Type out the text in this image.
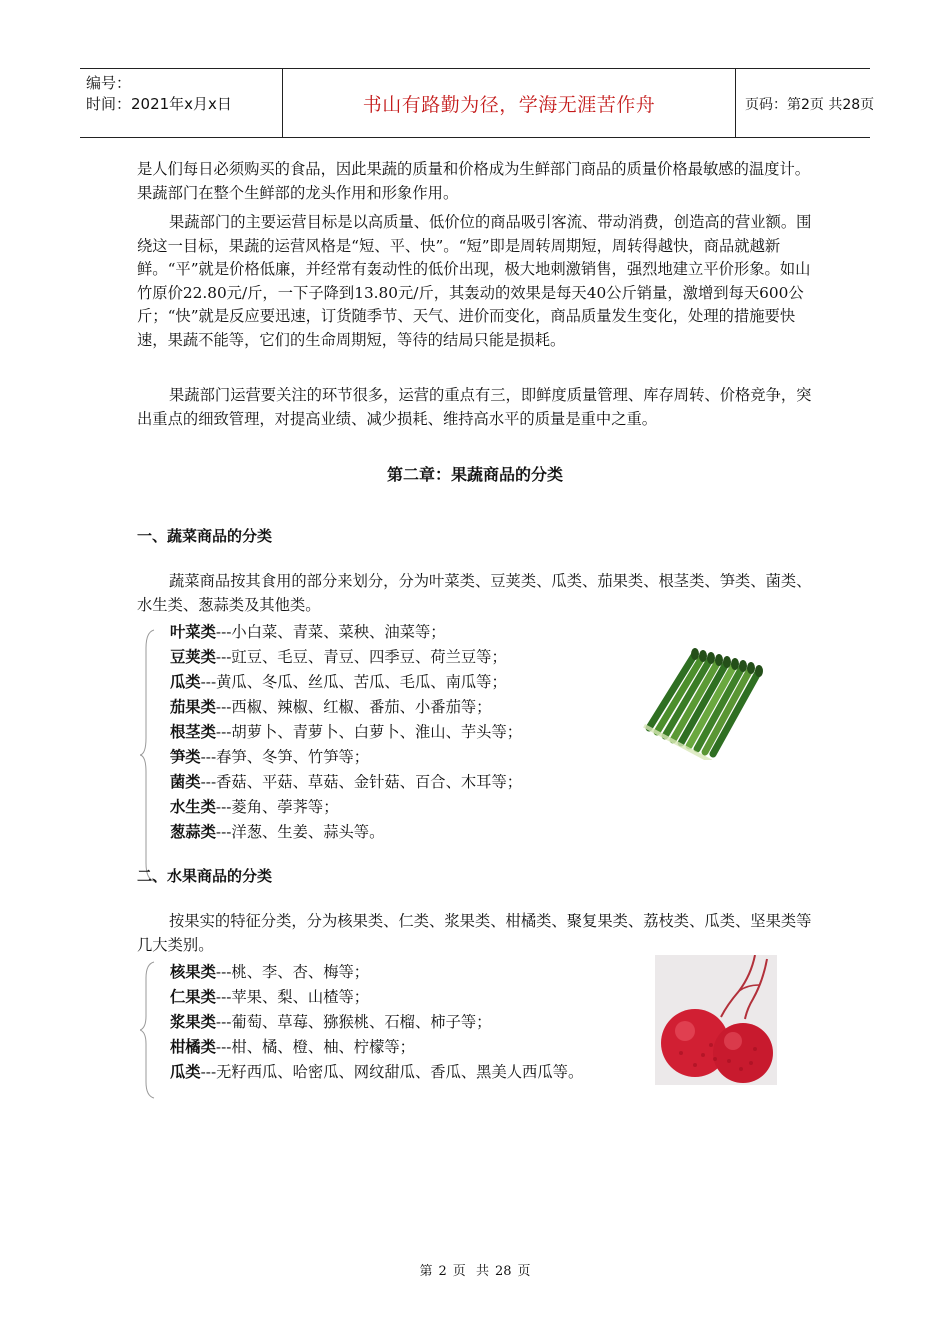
编号：
时间：2021年x月x日	书山有路勤为径，学海无涯苦作舟	页码：第2页 共28页

是人们每日必须购买的食品，因此果蔬的质量和价格成为生鲜部门商品的质量价格最敏感的温度计。果蔬部门在整个生鲜部的龙头作用和形象作用。

果蔬部门的主要运营目标是以高质量、低价位的商品吸引客流、带动消费，创造高的营业额。围绕这一目标，果蔬的运营风格是“短、平、快”。“短”即是周转周期短，周转得越快，商品就越新鲜。“平”就是价格低廉，并经常有轰动性的低价出现，极大地刺激销售，强烈地建立平价形象。如山竹原价22.80元/斤，一下子降到13.80元/斤，其轰动的效果是每天40公斤销量，激增到每天600公斤；“快”就是反应要迅速，订货随季节、天气、进价而变化，商品质量发生变化，处理的措施要快速，果蔬不能等，它们的生命周期短，等待的结局只能是损耗。

果蔬部门运营要关注的环节很多，运营的重点有三，即鲜度质量管理、库存周转、价格竞争，突出重点的细致管理，对提高业绩、减少损耗、维持高水平的质量是重中之重。

第二章：果蔬商品的分类
一、蔬菜商品的分类

蔬菜商品按其食用的部分来划分，分为叶菜类、豆荚类、瓜类、茄果类、根茎类、笋类、菌类、水生类、葱蒜类及其他类。

叶菜类---小白菜、青菜、菜秧、油菜等；
豆荚类---豇豆、毛豆、青豆、四季豆、荷兰豆等；
瓜类---黄瓜、冬瓜、丝瓜、苦瓜、毛瓜、南瓜等；
茄果类---西椒、辣椒、红椒、番茄、小番茄等；
根茎类---胡萝卜、青萝卜、白萝卜、淮山、芋头等；
笋类---春笋、冬笋、竹笋等；
菌类---香菇、平菇、草菇、金针菇、百合、木耳等；
水生类---菱角、荸荠等；
葱蒜类---洋葱、生姜、蒜头等。
二、水果商品的分类

按果实的特征分类，分为核果类、仁类、浆果类、柑橘类、聚复果类、荔枝类、瓜类、坚果类等几大类别。

核果类---桃、李、杏、梅等；
仁果类---苹果、梨、山楂等；
浆果类---葡萄、草莓、猕猴桃、石榴、柿子等；
柑橘类---柑、橘、橙、柚、柠檬等；
瓜类---无籽西瓜、哈密瓜、网纹甜瓜、香瓜、黑美人西瓜等。
第 2 页 共 28 页
